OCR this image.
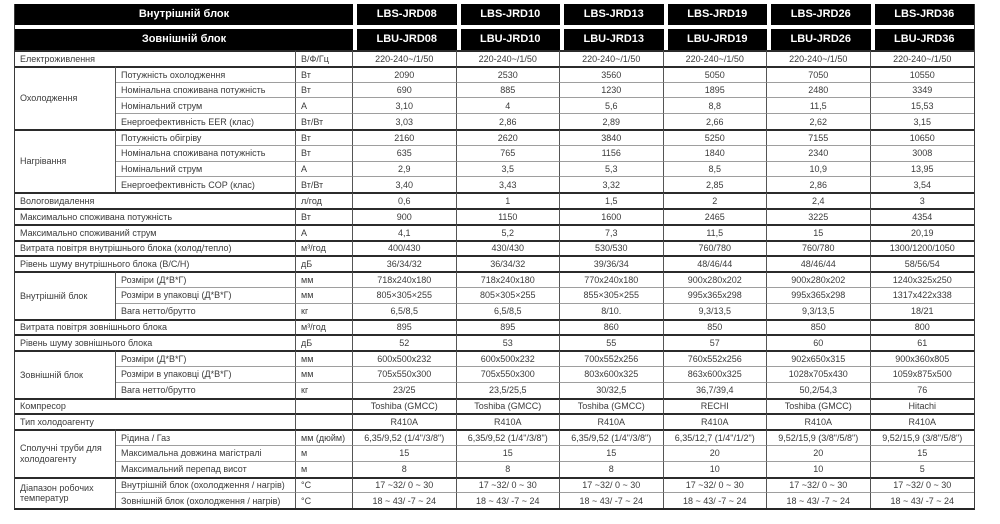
Внутрішній блок			LBS-JRD08	LBS-JRD10	LBS-JRD13	LBS-JRD19	LBS-JRD26	LBS-JRD36

Зовнішній блок			LBU-JRD08	LBU-JRD10	LBU-JRD13	LBU-JRD19	LBU-JRD26	LBU-JRD36
Електроживлення		В/Ф/Гц	220-240~/1/50	220-240~/1/50	220-240~/1/50	220-240~/1/50	220-240~/1/50	220-240~/1/50
Охолодження	Потужність охолодження	Вт	2090	2530	3560	5050	7050	10550
	Номінальна споживана потужність	Вт	690	885	1230	1895	2480	3349
	Номінальний струм	А	3,10	4	5,6	8,8	11,5	15,53
	Енергоефективність EER (клас)	Вт/Вт	3,03	2,86	2,89	2,66	2,62	3,15
Нагрівання	Потужність обігріву	Вт	2160	2620	3840	5250	7155	10650
	Номінальна споживана потужність	Вт	635	765	1156	1840	2340	3008
	Номінальний струм	А	2,9	3,5	5,3	8,5	10,9	13,95
	Енергоефективність COP (клас)	Вт/Вт	3,40	3,43	3,32	2,85	2,86	3,54
Вологовидалення		л/год	0,6	1	1,5	2	2,4	3
Максимально споживана потужність		Вт	900	1150	1600	2465	3225	4354
Максимально споживаний струм		А	4,1	5,2	7,3	11,5	15	20,19
Витрата повітря внутрішнього блока (холод/тепло)		м³/год	400/430	430/430	530/530	760/780	760/780	1300/1200/1050
Рівень шуму внутрішнього блока (В/С/Н)		дБ	36/34/32	36/34/32	39/36/34	48/46/44	48/46/44	58/56/54
Внутрішній блок	Розміри (Д*В*Г)	мм	718x240x180	718x240x180	770x240x180	900x280x202	900x280x202	1240x325x250
	Розміри в упаковці (Д*В*Г)	мм	805×305×255	805×305×255	855×305×255	995x365x298	995x365x298	1317x422x338
	Вага нетто/брутто	кг	6,5/8,5	6,5/8,5	8/10.	9,3/13,5	9,3/13,5	18/21
Витрата повітря зовнішнього блока		м³/год	895	895	860	850	850	800
Рівень шуму зовнішнього блока		дБ	52	53	55	57	60	61
Зовнішній блок	Розміри (Д*В*Г)	мм	600x500x232	600x500x232	700x552x256	760x552x256	902x650x315	900x360x805
	Розміри в упаковці (Д*В*Г)	мм	705x550x300	705x550x300	803x600x325	863x600x325	1028x705x430	1059x875x500
	Вага нетто/брутто	кг	23/25	23,5/25,5	30/32,5	36,7/39,4	50,2/54,3	76
Компресор			Toshiba (GMCC)	Toshiba (GMCC)	Toshiba (GMCC)	RECHI	Toshiba (GMCC)	Hitachi
Тип холодоагенту			R410A	R410A	R410A	R410A	R410A	R410A
Сполучні труби для холодоагенту	Рідина / Газ	мм (дюйм)	6,35/9,52 (1/4"/3/8")	6,35/9,52 (1/4"/3/8")	6,35/9,52 (1/4"/3/8")	6,35/12,7 (1/4"/1/2")	9,52/15,9 (3/8"/5/8")	9,52/15,9 (3/8"/5/8")
	Максимальна довжина магістралі	м	15	15	15	20	20	15
	Максимальний перепад висот	м	8	8	8	10	10	5
Діапазон робочих температур	Внутрішній блок (охолодження / нагрів)	°С	17 ~32/ 0 ~ 30	17 ~32/ 0 ~ 30	17 ~32/ 0 ~ 30	17 ~32/ 0 ~ 30	17 ~32/ 0 ~ 30	17 ~32/ 0 ~ 30
	Зовнішній блок (охолодження / нагрів)	°С	18 ~ 43/ -7 ~ 24	18 ~ 43/ -7 ~ 24	18 ~ 43/ -7 ~ 24	18 ~ 43/ -7 ~ 24	18 ~ 43/ -7 ~ 24	18 ~ 43/ -7 ~ 24
